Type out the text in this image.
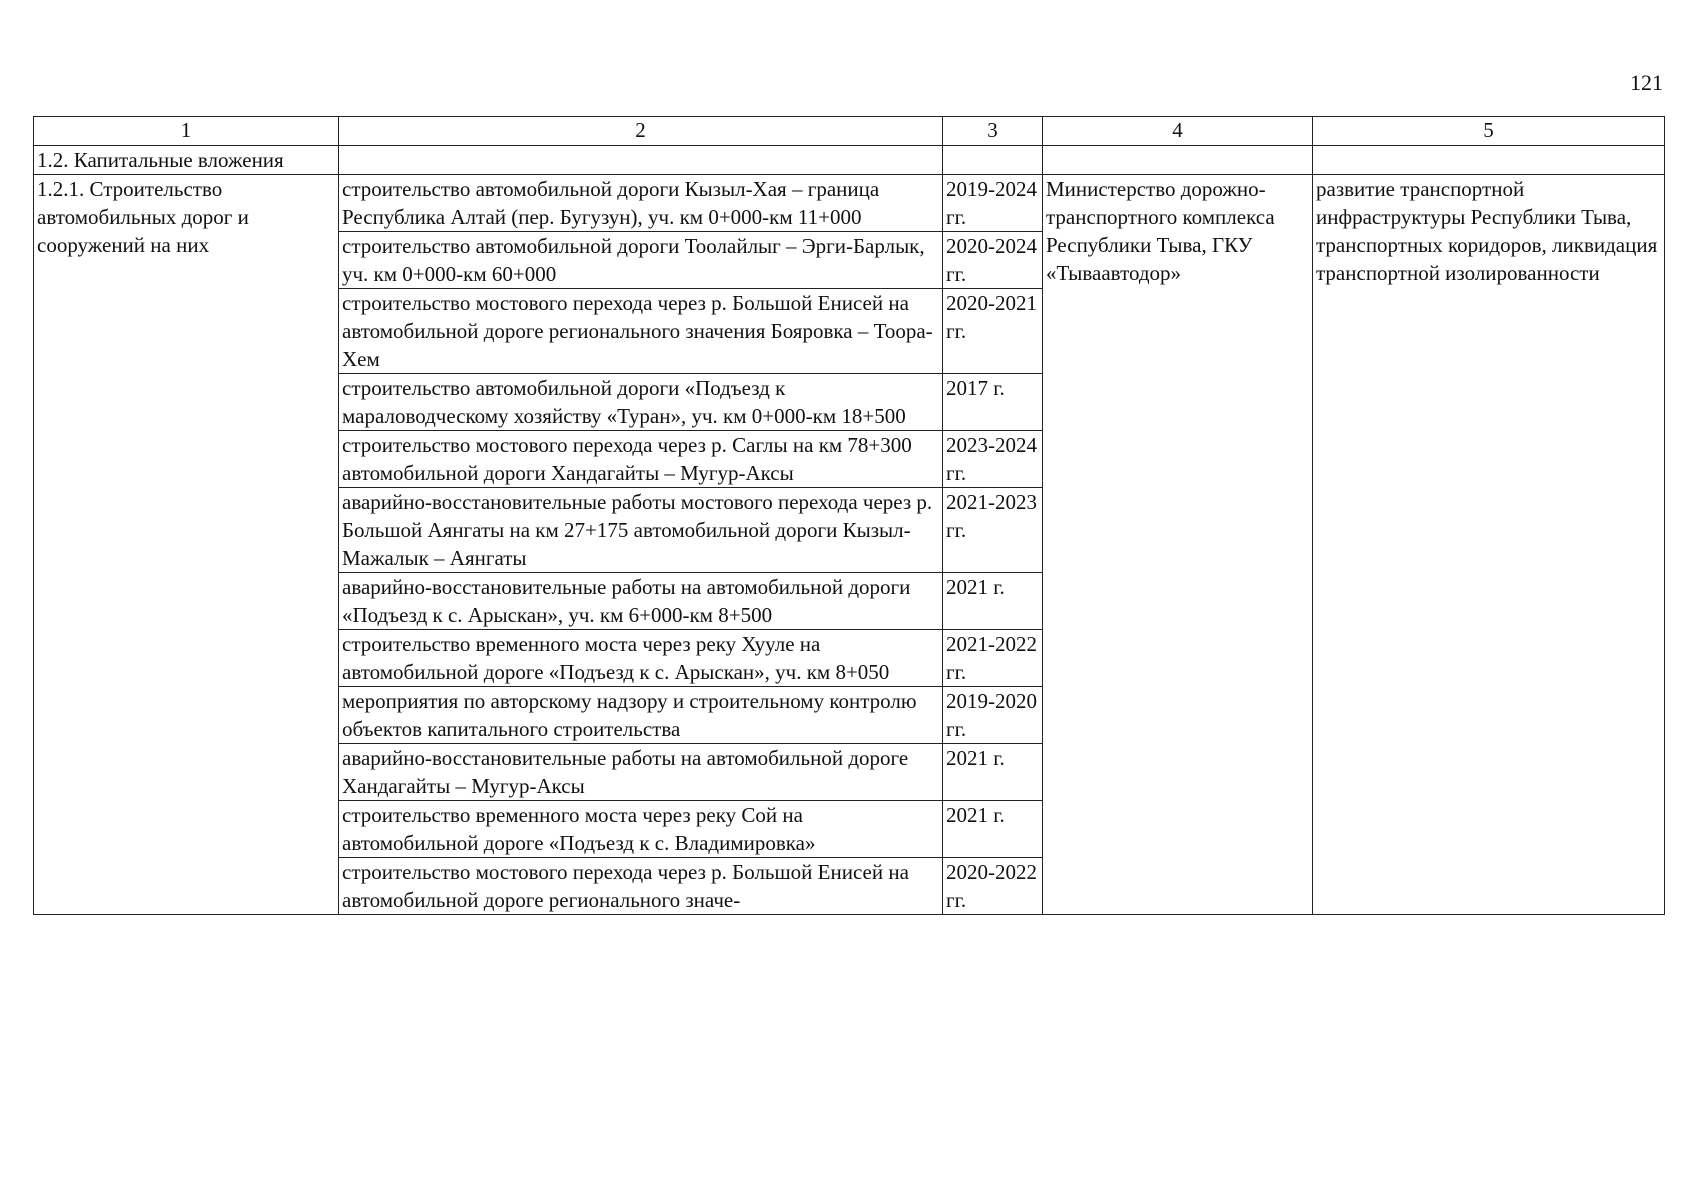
121
1	2	3	4	5
1.2. Капитальные вложения				
1.2.1. Строительство автомобильных дорог и сооружений на них	строительство автомобильной дороги Кызыл-Хая – граница Республика Алтай (пер. Бугузун), уч. км 0+000-км 11+000	2019-2024 гг.	Министерство дорожно-транспортного комплекса Республики Тыва, ГКУ «Тываавтодор»	развитие транспортной инфраструктуры Республики Тыва, транспортных коридоров, ликвидация транспортной изолированности
	строительство автомобильной дороги Тоолайлыг – Эрги-Барлык, уч. км 0+000-км 60+000	2020-2024 гг.		
	строительство мостового перехода через р. Большой Енисей на автомобильной дороге регионального значения Бояровка – Тоора-Хем	2020-2021 гг.		
	строительство автомобильной дороги «Подъезд к мараловодческому хозяйству «Туран», уч. км 0+000-км 18+500	2017 г.		
	строительство мостового перехода через р. Саглы на км 78+300 автомобильной дороги Хандагайты – Мугур-Аксы	2023-2024 гг.		
	аварийно-восстановительные работы мостового перехода через р. Большой Аянгаты на км 27+175 автомобильной дороги Кызыл-Мажалык – Аянгаты	2021-2023 гг.		
	аварийно-восстановительные работы на автомобильной дороги «Подъезд к с. Арыскан», уч. км 6+000-км 8+500	2021 г.		
	строительство временного моста через реку Хууле на автомобильной дороге «Подъезд к с. Арыскан», уч. км 8+050	2021-2022 гг.		
	мероприятия по авторскому надзору и строительному контролю объектов капитального строительства	2019-2020 гг.		
	аварийно-восстановительные работы на автомобильной дороге Хандагайты – Мугур-Аксы	2021 г.		
	строительство временного моста через реку Сой на автомобильной дороге «Подъезд к с. Владимировка»	2021 г.		
	строительство мостового перехода через р. Большой Енисей на автомобильной дороге регионального значе-	2020-2022 гг.		
